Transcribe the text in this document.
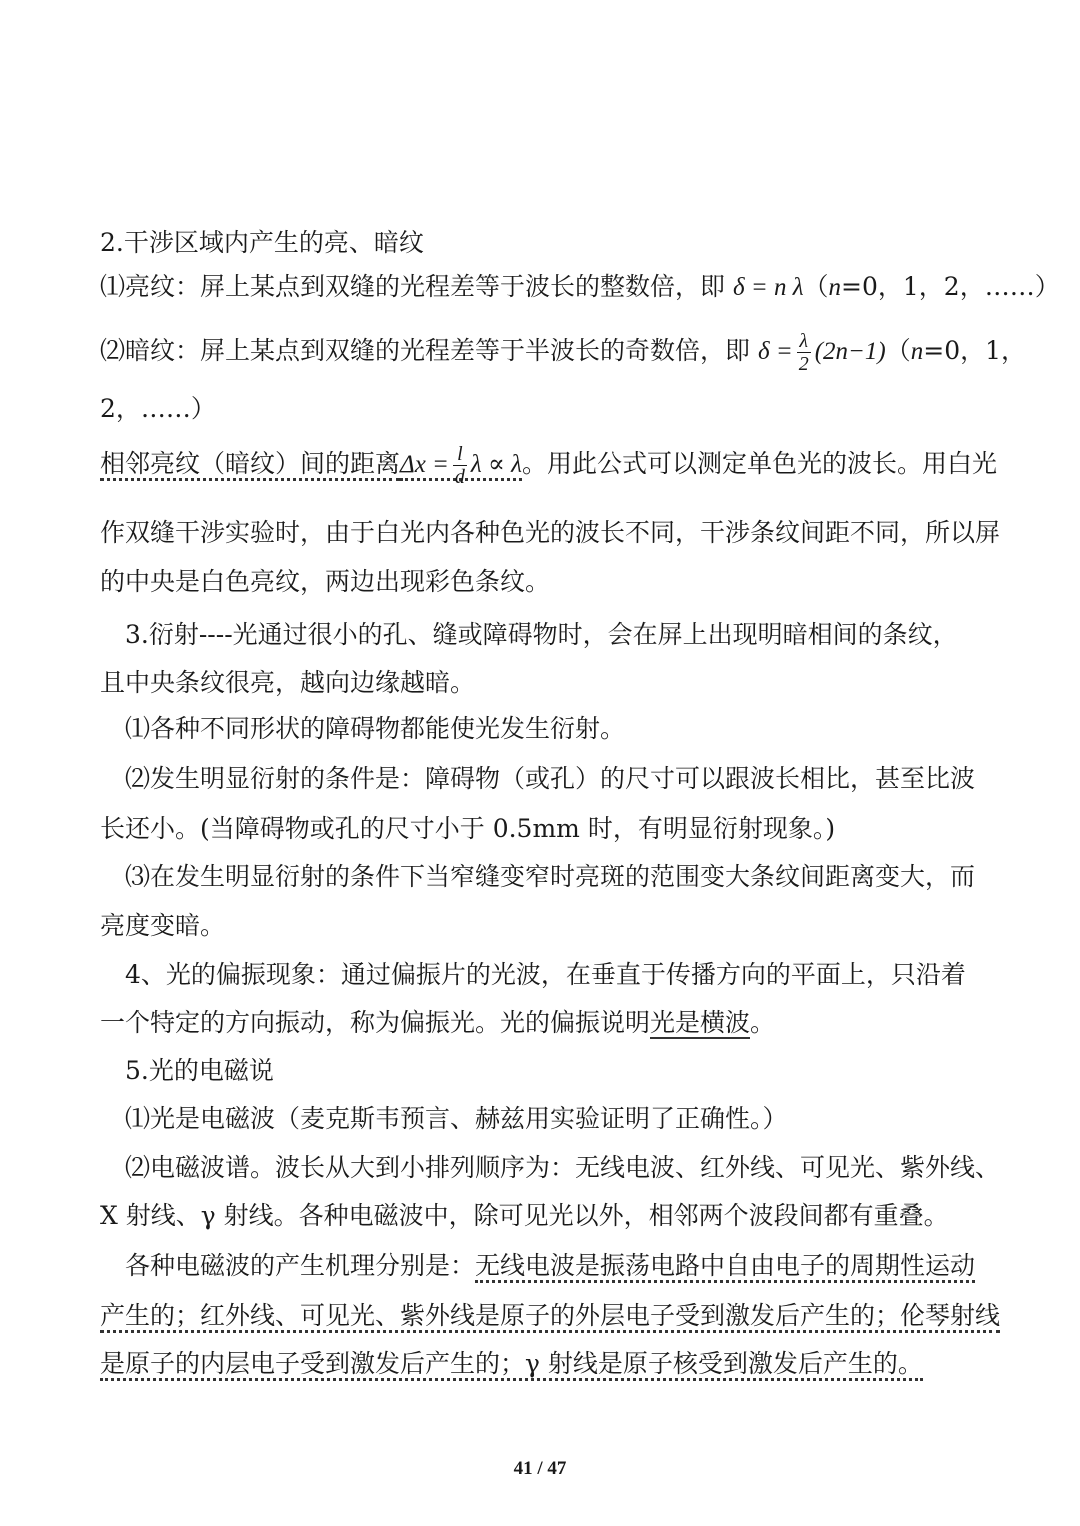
2.干涉区域内产生的亮、暗纹
⑴亮纹：屏上某点到双缝的光程差等于波长的整数倍，即 δ = n λ（n=0，1，2，……）
⑵暗纹：屏上某点到双缝的光程差等于半波长的奇数倍，即 $\delta = \frac{\lambda}{2} (2n-1)(n=0$，1，
2，……）
相邻亮纹（暗纹）间的距离$\Delta x = \frac{l}{d}$ λ ∝ λ。用此公式可以测定单色光的波长。用白光
作双缝干涉实验时，由于白光内各种色光的波长不同，干涉条纹间距不同，所以屏
的中央是白色亮纹，两边出现彩色条纹。
　3.衍射----光通过很小的孔、缝或障碍物时，会在屏上出现明暗相间的条纹，
且中央条纹很亮，越向边缘越暗。
　⑴各种不同形状的障碍物都能使光发生衍射。
　⑵发生明显衍射的条件是：障碍物（或孔）的尺寸可以跟波长相比，甚至比波
长还小。(当障碍物或孔的尺寸小于 0.5mm 时，有明显衍射现象。)
　⑶在发生明显衍射的条件下当窄缝变窄时亮斑的范围变大条纹间距离变大，而
亮度变暗。
　4、光的偏振现象：通过偏振片的光波，在垂直于传播方向的平面上，只沿着
一个特定的方向振动，称为偏振光。光的偏振说明光是横波。
　5.光的电磁说
　⑴光是电磁波（麦克斯韦预言、赫兹用实验证明了正确性。）
　⑵电磁波谱。波长从大到小排列顺序为：无线电波、红外线、可见光、紫外线、
X 射线、γ 射线。各种电磁波中，除可见光以外，相邻两个波段间都有重叠。
　各种电磁波的产生机理分别是：无线电波是振荡电路中自由电子的周期性运动
产生的；红外线、可见光、紫外线是原子的外层电子受到激发后产生的；伦琴射线
是原子的内层电子受到激发后产生的；γ 射线是原子核受到激发后产生的。
41 / 47
